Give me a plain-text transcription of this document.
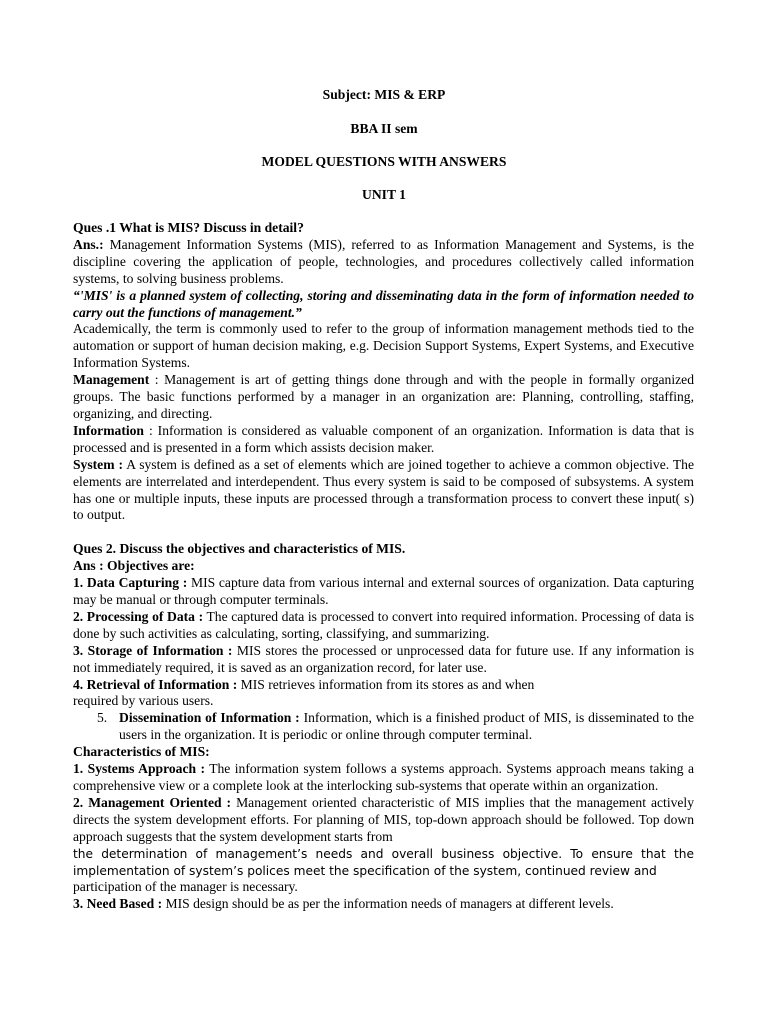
Subject: MIS & ERP
BBA II sem
MODEL QUESTIONS WITH ANSWERS
UNIT 1

Ques .1 What is MIS? Discuss in detail?

Ans.: Management Information Systems (MIS), referred to as Information Management and Systems, is the discipline covering the application of people, technologies, and procedures collectively called information systems, to solving business problems.

“'MIS' is a planned system of collecting, storing and disseminating data in the form of information needed to carry out the functions of management.”

Academically, the term is commonly used to refer to the group of information management methods tied to the automation or support of human decision making, e.g. Decision Support Systems, Expert Systems, and Executive Information Systems.

Management : Management is art of getting things done through and with the people in formally organized groups. The basic functions performed by a manager in an organization are: Planning, controlling, staffing, organizing, and directing.

Information : Information is considered as valuable component of an organization. Information is data that is processed and is presented in a form which assists decision maker.

System : A system is defined as a set of elements which are joined together to achieve a common objective. The elements are interrelated and interdependent. Thus every system is said to be composed of subsystems. A system has one or multiple inputs, these inputs are processed through a transformation process to convert these input( s) to output.

Ques 2. Discuss the objectives and characteristics of MIS.

Ans : Objectives are:

1. Data Capturing : MIS capture data from various internal and external sources of organization. Data capturing may be manual or through computer terminals.

2. Processing of Data : The captured data is processed to convert into required information. Processing of data is done by such activities as calculating, sorting, classifying, and summarizing.

3. Storage of Information : MIS stores the processed or unprocessed data for future use. If any information is not immediately required, it is saved as an organization record, for later use.

4. Retrieval of Information : MIS retrieves information from its stores as and when

required by various users.

5. Dissemination of Information : Information, which is a finished product of MIS, is disseminated to the users in the organization. It is periodic or online through computer terminal.

Characteristics of MIS:

1. Systems Approach : The information system follows a systems approach. Systems approach means taking a comprehensive view or a complete look at the interlocking sub-systems that operate within an organization.

2. Management Oriented : Management oriented characteristic of MIS implies that the management actively directs the system development efforts. For planning of MIS, top-down approach should be followed. Top down approach suggests that the system development starts from

the determination of management’s needs and overall business objective. To ensure that the implementation of system’s polices meet the specification of the system, continued review and

participation of the manager is necessary.

3. Need Based : MIS design should be as per the information needs of managers at different levels.
